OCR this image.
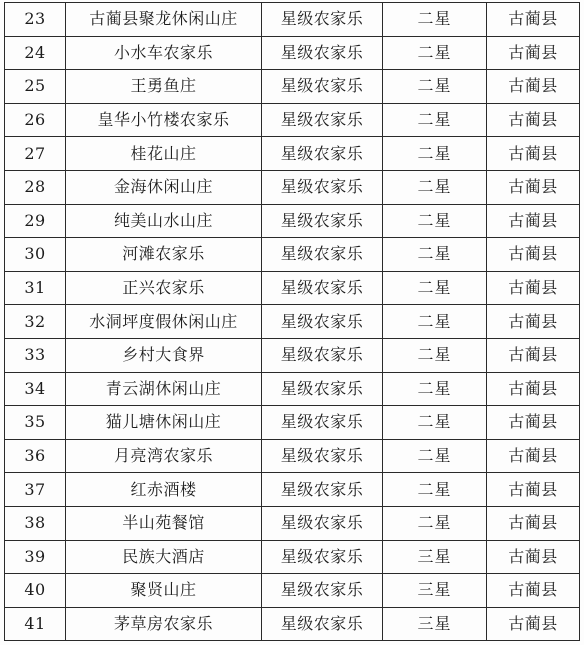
23	古蔺县聚龙休闲山庄	星级农家乐	二星	古蔺县
24	小水车农家乐	星级农家乐	二星	古蔺县
25	王勇鱼庄	星级农家乐	二星	古蔺县
26	皇华小竹楼农家乐	星级农家乐	二星	古蔺县
27	桂花山庄	星级农家乐	二星	古蔺县
28	金海休闲山庄	星级农家乐	二星	古蔺县
29	纯美山水山庄	星级农家乐	二星	古蔺县
30	河滩农家乐	星级农家乐	二星	古蔺县
31	正兴农家乐	星级农家乐	二星	古蔺县
32	水洞坪度假休闲山庄	星级农家乐	二星	古蔺县
33	乡村大食界	星级农家乐	二星	古蔺县
34	青云湖休闲山庄	星级农家乐	二星	古蔺县
35	猫儿塘休闲山庄	星级农家乐	二星	古蔺县
36	月亮湾农家乐	星级农家乐	二星	古蔺县
37	红赤酒楼	星级农家乐	二星	古蔺县
38	半山苑餐馆	星级农家乐	二星	古蔺县
39	民族大酒店	星级农家乐	三星	古蔺县
40	聚贤山庄	星级农家乐	三星	古蔺县
41	茅草房农家乐	星级农家乐	三星	古蔺县
